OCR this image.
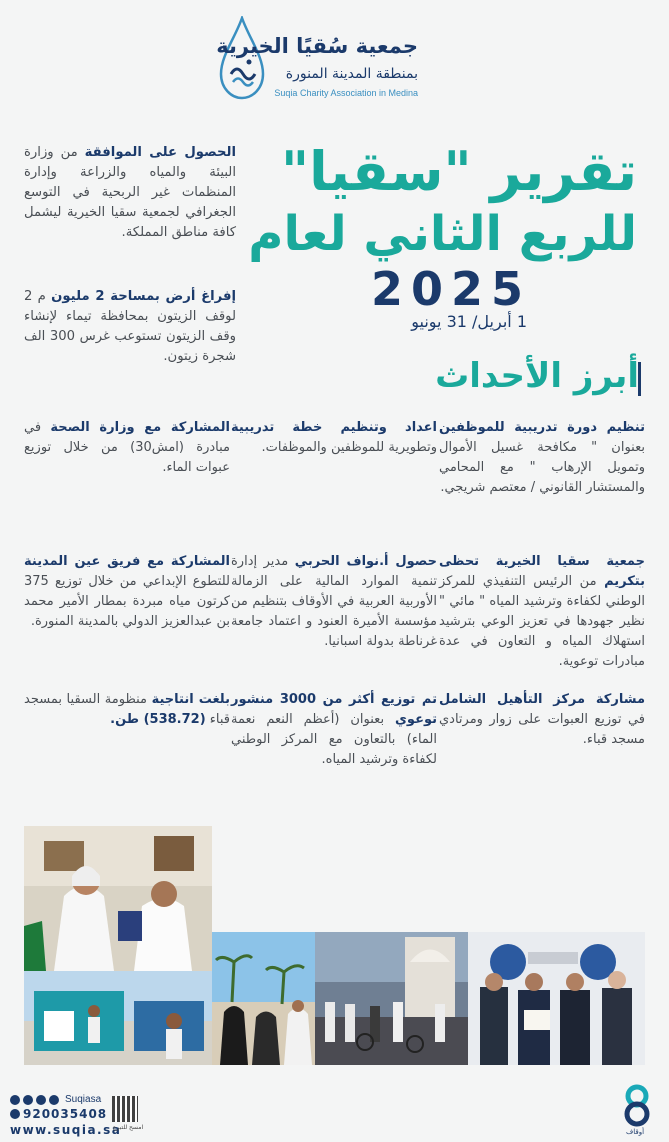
جمعية سُقيًا الخيرية
بمنطقة المدينة المنورة
Suqia Charity Association in Medina
تقرير "سقيا"
للربع الثاني لعام
2025
1 أبريل/ 31 يونيو
أبرز الأحداث
الحصول على الموافقة من وزارة البيئة والمياه والزراعة وإدارة المنظمات غير الربحية في التوسع الجغرافي لجمعية سقيا الخيرية ليشمل كافة مناطق المملكة.
إفراغ أرض بمساحة 2 مليون م 2 لوقف الزيتون بمحافظة تيماء لإنشاء وقف الزيتون تستوعب غرس 300 الف شجرة زيتون.
تنظيم دورة تدريبية للموظفين بعنوان " مكافحة غسيل الأموال وتمويل الإرهاب " مع المحامي والمستشار القانوني / معتصم شريجي.
اعداد وتنظيم خطة تدريبية وتطويرية للموظفين والموظفات.
المشاركة مع وزارة الصحة في مبادرة (امش30) من خلال توزيع عبوات الماء.
جمعية سقيا الخيرية تحظى بتكريم من الرئيس التنفيذي للمركز الوطني لكفاءة وترشيد المياه " مائي " نظير جهودها في تعزيز الوعي بترشيد استهلاك المياه و التعاون في عدة مبادرات توعوية.
حصول أ.نواف الحربي مدير إدارة تنمية الموارد المالية على الزمالة الأوربية العربية في الأوقاف بتنظيم من مؤسسة الأميرة العنود و اعتماد جامعة غرناطة بدولة اسبانيا.
المشاركة مع فريق عين المدينة للتطوع الإبداعي من خلال توزيع 375 كرتون مياه مبردة بمطار الأمير محمد بن عبدالعزيز الدولي بالمدينة المنورة.
مشاركة مركز التأهيل الشامل في توزيع العبوات على زوار ومرتادي مسجد قباء.
تم توزيع أكثر من 3000 منشور توعوي بعنوان (أعظم النعم نعمة الماء) بالتعاون مع المركز الوطني لكفاءة وترشيد المياه.
بلغت انتاجية منظومة السقيا بمسجد قباء (538.72) طن.
Suqiasa
920035408
www.suqia.sa
امسح للتبرع
أوقاف
